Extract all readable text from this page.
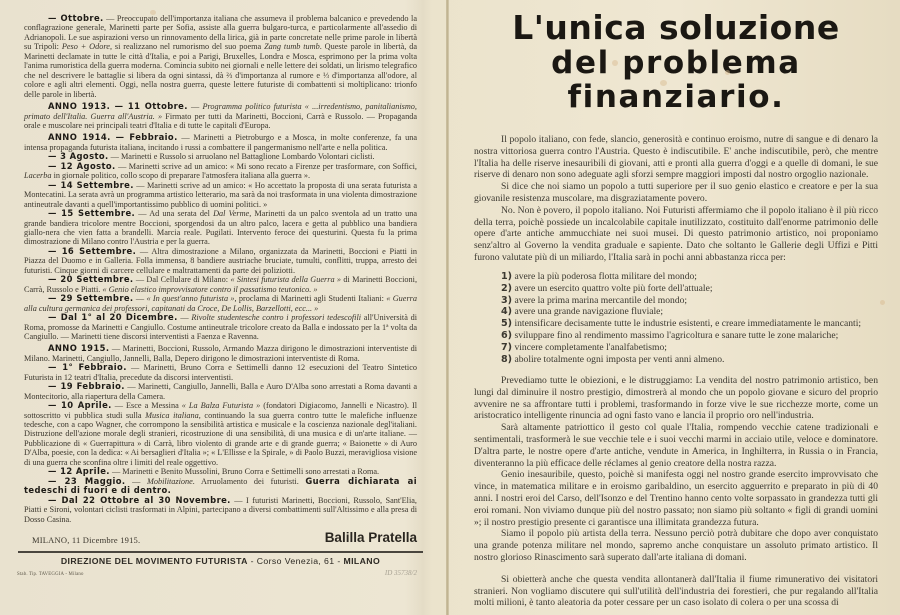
— Ottobre. — Preoccupato dell'importanza italiana che assumeva il problema balcanico e prevedendo la conflagrazione generale, Marinetti parte per Sofia, assiste alla guerra bulgaro-turca, e particolarmente all'assedio di Adrianopoli. Le sue aspirazioni verso un rinnovamento della lirica, già in parte concretate nelle prime parole in libertà su Tripoli: Peso + Odore, si realizzano nel rumorismo del suo poema Zang tumb tumb. Queste parole in libertà, da Marinetti declamate in tutte le città d'Italia, e poi a Parigi, Bruxelles, Londra e Mosca, esprimono per la prima volta l'anima rumoristica della guerra moderna. Comincia subito nei giornali e nelle lettere dei soldati, un lirismo telegrafico che nel descrivere le battaglie si libera da ogni sintassi, dà ⅔ d'importanza al rumore e ⅓ d'importanza all'odore, al colore e agli altri elementi. Oggi, nella nostra guerra, queste lettere futuriste di combattenti si moltiplicano: trionfo delle parole in libertà.

ANNO 1913. — 11 Ottobre. — Programma politico futurista « ...irredentismo, panitalianismo, primato dell'Italia. Guerra all'Austria. » Firmato per tutti da Marinetti, Boccioni, Carrà e Russolo. — Propaganda orale e muscolare nei principali teatri d'Italia e di tutte le capitali d'Europa.

ANNO 1914. — Febbraio. — Marinetti a Pietroburgo e a Mosca, in molte conferenze, fa una intensa propaganda futurista italiana, incitando i russi a combattere il pangermanismo nell'arte e nella politica.

— 3 Agosto. — Marinetti e Russolo si arruolano nel Battaglione Lombardo Volontari ciclisti.

— 12 Agosto. — Marinetti scrive ad un amico: « Mi sono recato a Firenze per trasformare, con Soffici, Lacerba in giornale politico, collo scopo di preparare l'atmosfera italiana alla guerra ».

— 14 Settembre. — Marinetti scrive ad un amico: « Ho accettato la proposta di una serata futurista a Montecatini. La serata avrà un programma artistico letterario, ma sarà da noi trasformata in una violenta dimostrazione antineutrale davanti a quell'importantissimo pubblico di uomini politici. »

— 15 Settembre. — Ad una serata del Dal Verme, Marinetti da un palco sventola ad un tratto una grande bandiera tricolore mentre Boccioni, sporgendosi da un altro palco, lacera e getta al pubblico una bandiera giallo-nera che vien fatta a brandelli. Marcia reale. Pugilati. Intervento feroce dei questurini. Questa fu la prima dimostrazione di Milano contro l'Austria e per la guerra.

— 16 Settembre. — Altra dimostrazione a Milano, organizzata da Marinetti, Boccioni e Piatti in Piazza del Duomo e in Galleria. Folla immensa, 8 bandiere austriache bruciate, tumulti, conflitti, truppa, arresto dei futuristi. Cinque giorni di carcere cellulare e maltrattamenti da parte dei poliziotti.

— 20 Settembre. — Dal Cellulare di Milano: « Sintesi futurista della Guerra » di Marinetti Boccioni, Carrà, Russolo e Piatti. « Genio elastico improvvisatore contro il passatismo teutonico. »

— 29 Settembre. — « In quest'anno futurista », proclama di Marinetti agli Studenti Italiani: « Guerra alla cultura germanica dei professori, capitanati da Croce, De Lollis, Barzellotti, ecc... »

— Dal 1° al 20 Dicembre. — Rivolte studentesche contro i professori tedescofili all'Università di Roma, promosse da Marinetti e Cangiullo. Costume antineutrale tricolore creato da Balla e indossato per la 1ª volta da Cangiullo. — Marinetti tiene discorsi interventisti a Faenza e Ravenna.

ANNO 1915. — Marinetti, Boccioni, Russolo, Armando Mazza dirigono le dimostrazioni interventiste di Milano. Marinetti, Cangiullo, Jannelli, Balla, Depero dirigono le dimostrazioni interventiste di Roma.

— 1° Febbraio. — Marinetti, Bruno Corra e Settimelli danno 12 esecuzioni del Teatro Sintetico Futurista in 12 teatri d'Italia, precedute da discorsi interventisti.

— 19 Febbraio. — Marinetti, Cangiullo, Jannelli, Balla e Auro D'Alba sono arrestati a Roma davanti a Montecitorio, alla riapertura della Camera.

— 10 Aprile. — Esce a Messina « La Balza Futurista » (fondatori Digiacomo, Jannelli e Nicastro). Il sottoscritto vi pubblica studi sulla Musica italiana, continuando la sua guerra contro tutte le malefiche influenze tedesche, con a capo Wagner, che corrompono la sensibilità artistica e musicale e la coscienza nazionale degl'italiani. Distruzione dell'azione morale degli stranieri, ricostruzione di una sensibilità, di una musica e di un'arte italiane. — Pubblicazione di « Guerrapittura » di Carrà, libro violento di grande arte e di grande guerra; « Baionette » di Auro D'Alba, poesie, con la dedica: « Ai bersaglieri d'Italia »; « L'Ellisse e la Spirale, » di Paolo Buzzi, meravigliosa visione di una guerra che sconfina oltre i limiti del reale oggettivo.

— 12 Aprile. — Marinetti e Benito Mussolini, Bruno Corra e Settimelli sono arrestati a Roma.

— 23 Maggio. — Mobilitazione. Arruolamento dei futuristi. Guerra dichiarata ai tedeschi di fuori e di dentro.

— Dal 22 Ottobre al 30 Novembre. — I futuristi Marinetti, Boccioni, Russolo, Sant'Elia, Piatti e Sironi, volontari ciclisti trasformati in Alpini, partecipano a diversi combattimenti sull'Altissimo e alla presa di Dosso Casina.

MILANO, 11 Dicembre 1915.	Balilla Pratella
DIREZIONE DEL MOVIMENTO FUTURISTA - Corso Venezia, 61 - MILANO
Stab. Tip. TAVEGGIA - Milano	ID 35738/2
L'unica soluzione
del problema finanziario.

Il popolo italiano, con fede, slancio, generosità e continuo eroismo, nutre di sangue e di denaro la nostra vittoriosa guerra contro l'Austria. Questo è indiscutibile. E' anche indiscutibile, però, che mentre l'Italia ha delle riserve inesauribili di giovani, atti e pronti alla guerra d'oggi e a quelle di domani, le sue riserve di denaro non sono adeguate agli sforzi sempre maggiori imposti dal nostro orgoglio nazionale.

Si dice che noi siamo un popolo a tutti superiore per il suo genio elastico e creatore e per la sua giovanile resistenza muscolare, ma disgraziatamente povero.

No. Non è povero, il popolo italiano. Noi Futuristi affermiamo che il popolo italiano è il più ricco della terra, poichè possiede un incalcolabile capitale inutilizzato, costituito dall'enorme patrimonio delle opere d'arte antiche ammucchiate nei suoi musei. Di questo patrimonio artistico, noi proponiamo senz'altro al Governo la vendita graduale e sapiente. Dato che soltanto le Gallerie degli Uffizi e Pitti furono valutate più di un miliardo, l'Italia sarà in pochi anni abbastanza ricca per:

1) avere la più poderosa flotta militare del mondo;
2) avere un esercito quattro volte più forte dell'attuale;
3) avere la prima marina mercantile del mondo;
4) avere una grande navigazione fluviale;
5) intensificare decisamente tutte le industrie esistenti, e creare immediatamente le mancanti;
6) sviluppare fino al rendimento massimo l'agricoltura e sanare tutte le zone malariche;
7) vincere completamente l'analfabetismo;
8) abolire totalmente ogni imposta per venti anni almeno.

Prevediamo tutte le obiezioni, e le distruggiamo: La vendita del nostro patrimonio artistico, ben lungi dal diminuire il nostro prestigio, dimostrerà al mondo che un popolo giovane e sicuro del proprio avvenire ne sa affrontare tutti i problemi, trasformando in forze vive le sue ricchezze morte, come un aristocratico intelligente rinuncia ad ogni fasto vano e lancia il proprio oro nell'industria.

Sarà altamente patriottico il gesto col quale l'Italia, rompendo vecchie catene tradizionali e sentimentali, trasformerà le sue vecchie tele e i suoi vecchi marmi in acciaio utile, veloce e dominatore. D'altra parte, le nostre opere d'arte antiche, vendute in America, in Inghilterra, in Russia o in Francia, diventeranno la più efficace delle réclames al genio creatore della nostra razza.

Genio inesauribile, questo, poichè si manifesta oggi nel nostro grande esercito improvvisato che vince, in matematica militare e in eroismo garibaldino, un esercito agguerrito e preparato in più di 40 anni. I nostri eroi del Carso, dell'Isonzo e del Trentino hanno cento volte sorpassato in grandezza tutti gli eroi romani. Non viviamo dunque più del nostro passato; non siamo più soltanto « figli di grandi uomini »; il nostro prestigio presente ci garantisce una illimitata grandezza futura.

Siamo il popolo più artista della terra. Nessuno perciò potrà dubitare che dopo aver conquistato una grande potenza militare nel mondo, sapremo anche conquistare un assoluto primato artistico. Il nostro glorioso Rinascimento sarà superato dall'arte italiana di domani.

Si obietterà anche che questa vendita allontanerà dall'Italia il fiume rimunerativo dei visitatori stranieri. Non vogliamo discutere qui sull'utilità dell'industria dei forestieri, che pur regalando all'Italia molti milioni, è tanto aleatoria da poter cessare per un caso isolato di colera o per una scossa di
